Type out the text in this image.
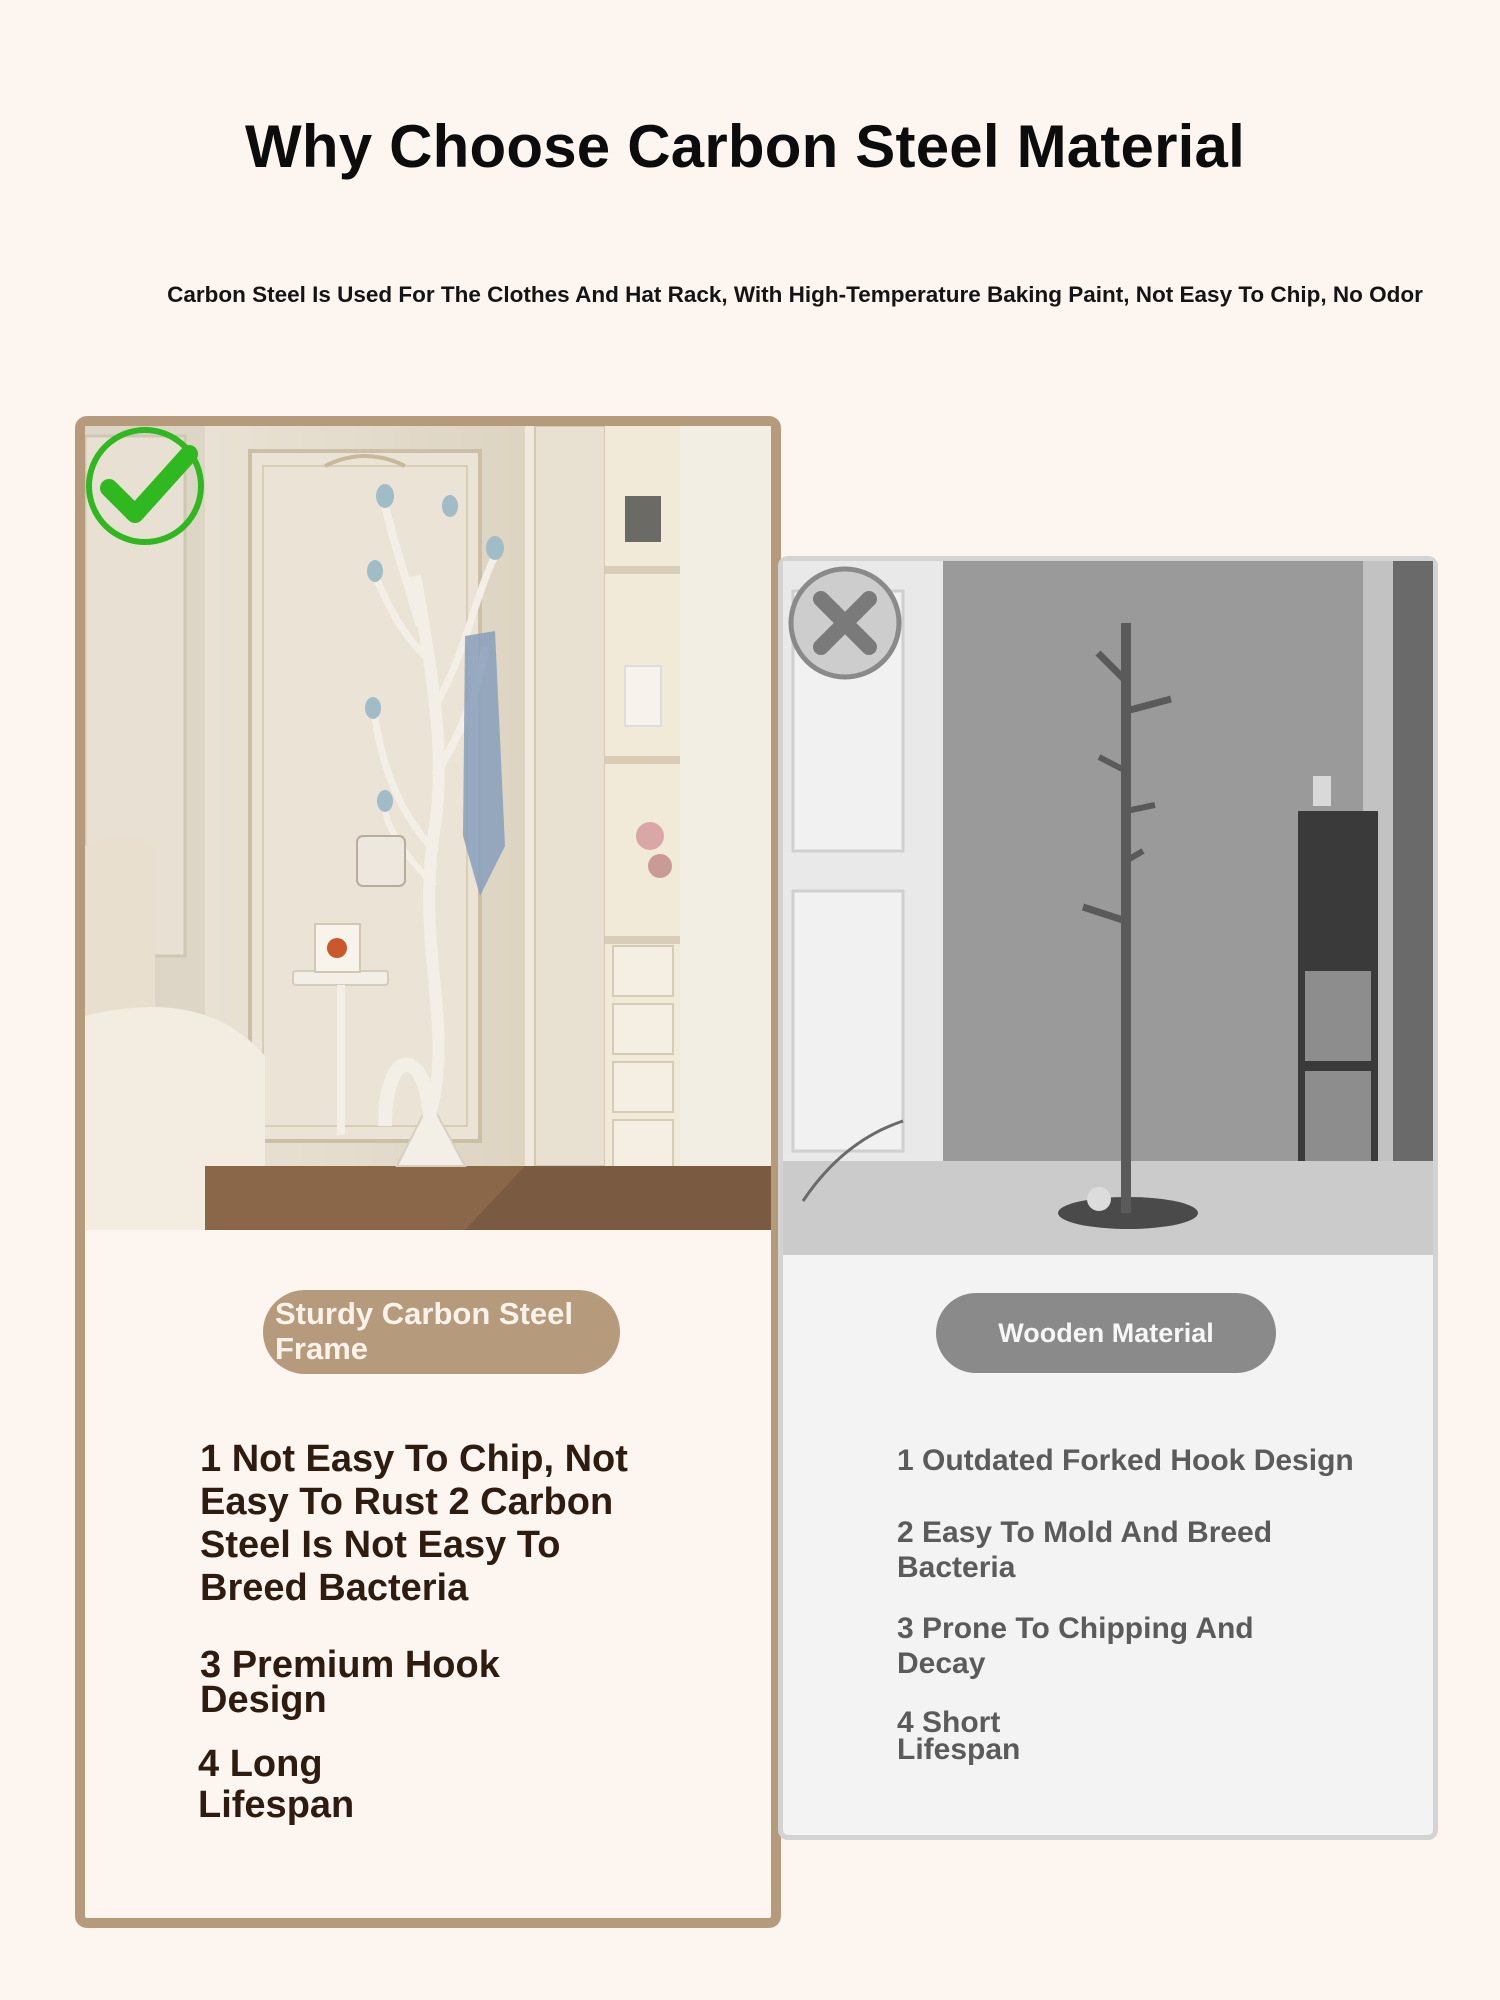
Why Choose Carbon Steel Material
Carbon Steel Is Used For The Clothes And Hat Rack, With High-Temperature Baking Paint, Not Easy To Chip, No Odor
Sturdy Carbon Steel Frame
1 Not Easy To Chip, Not Easy To Rust 2 Carbon Steel Is Not Easy To Breed Bacteria
3 Premium Hook Design
4 Long Lifespan
Wooden Material
1 Outdated Forked Hook Design
2 Easy To Mold And Breed Bacteria
3 Prone To Chipping And Decay
4 Short Lifespan
